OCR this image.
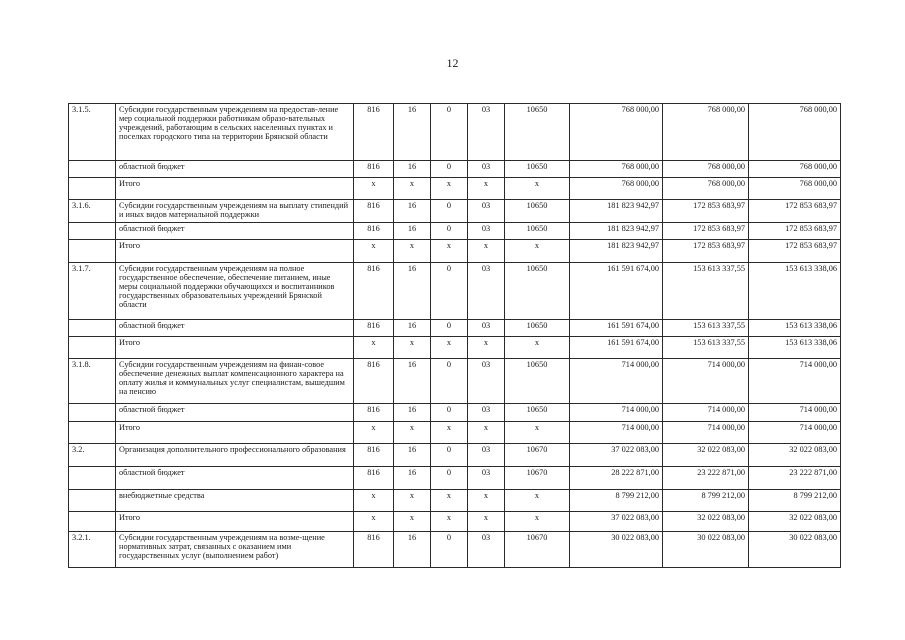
12
3.1.5.	Субсидии государственным учреждениям на предостав-ление мер социальной поддержки работникам образо-вательных учреждений, работающим в сельских населенных пунктах и поселках городского типа на территории Брянской области	816	16	0	03	10650	768 000,00	768 000,00	768 000,00
	областной бюджет	816	16	0	03	10650	768 000,00	768 000,00	768 000,00
	Итого	x	x	x	x	x	768 000,00	768 000,00	768 000,00
3.1.6.	Субсидии государственным учреждениям на выплату стипендий и иных видов материальной поддержки	816	16	0	03	10650	181 823 942,97	172 853 683,97	172 853 683,97
	областной бюджет	816	16	0	03	10650	181 823 942,97	172 853 683,97	172 853 683,97
	Итого	x	x	x	x	x	181 823 942,97	172 853 683,97	172 853 683,97
3.1.7.	Субсидии государственным учреждениям на полное государственное обеспечение, обеспечение питанием, иные меры социальной поддержки обучающихся и воспитанников государственных образовательных учреждений Брянской области	816	16	0	03	10650	161 591 674,00	153 613 337,55	153 613 338,06
	областной бюджет	816	16	0	03	10650	161 591 674,00	153 613 337,55	153 613 338,06
	Итого	x	x	x	x	x	161 591 674,00	153 613 337,55	153 613 338,06
3.1.8.	Субсидии государственным учреждениям на финан-совое обеспечение денежных выплат компенсационного характера на оплату жилья и коммунальных услуг специалистам, вышедшим на пенсию	816	16	0	03	10650	714 000,00	714 000,00	714 000,00
	областной бюджет	816	16	0	03	10650	714 000,00	714 000,00	714 000,00
	Итого	x	x	x	x	x	714 000,00	714 000,00	714 000,00
3.2.	Организация дополнительного профессионального образования	816	16	0	03	10670	37 022 083,00	32 022 083,00	32 022 083,00
	областной бюджет	816	16	0	03	10670	28 222 871,00	23 222 871,00	23 222 871,00
	внебюджетные средства	x	x	x	x	x	8 799 212,00	8 799 212,00	8 799 212,00
	Итого	x	x	x	x	x	37 022 083,00	32 022 083,00	32 022 083,00
3.2.1.	Субсидии государственным учреждениям на возме-щение нормативных затрат, связанных с оказанием ими государственных услуг (выполнением работ)	816	16	0	03	10670	30 022 083,00	30 022 083,00	30 022 083,00
